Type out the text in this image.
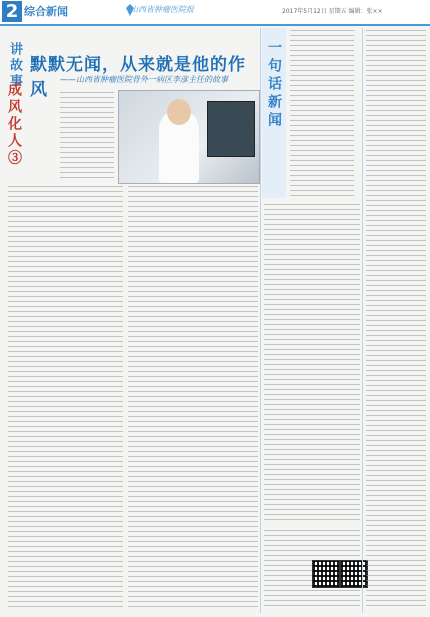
2 综合新闻	山西省肿瘤医院报	2017年5月12日 星期五 编辑：张××
讲故事
成风化人③
默默无闻，从来就是他的作风
——山西省肿瘤医院骨外一病区李彦主任的故事	一句话新闻
